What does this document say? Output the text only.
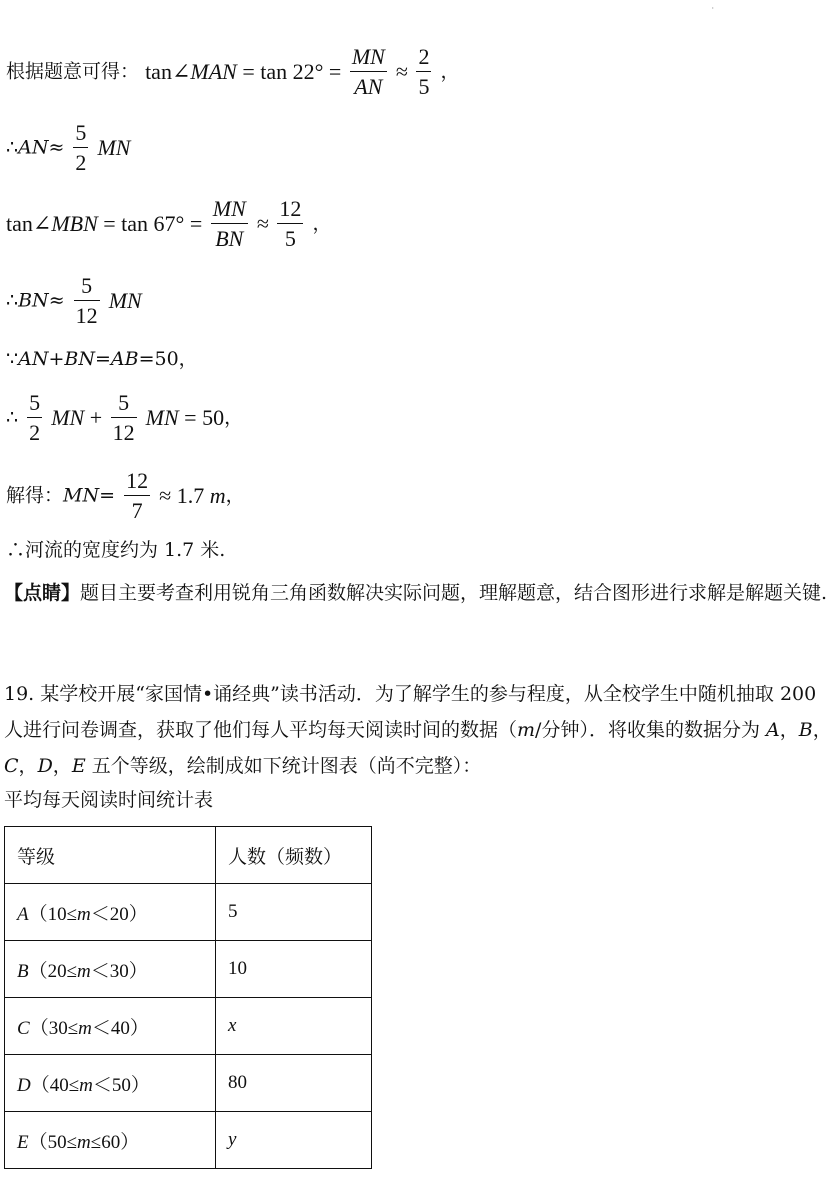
·
根据题意可得： tan∠MAN = $\tan 22^\circ = \frac{MN}{AN} \approx \frac{2}{5}$ ，
∴AN≈ $\frac{5}{2}$ MN
tan∠MBN = $\tan 67^\circ = \frac{MN}{BN} \approx \frac{12}{5}$ ，
∴BN≈ $\frac{5}{12}$ MN
∵AN+BN=AB=50，
∴ $\frac{5}{2}$ MN + $\frac{5}{12}$ MN = 50，
解得：$MN= \frac{12}{7} \approx 1.7$ m，
∴河流的宽度约为 1.7 米.
【点睛】题目主要考查利用锐角三角函数解决实际问题，理解题意，结合图形进行求解是解题关键.
19. 某学校开展“家国情•诵经典”读书活动．为了解学生的参与程度，从全校学生中随机抽取 200 人进行问卷调查，获取了他们每人平均每天阅读时间的数据（m/分钟）．将收集的数据分为 A，B，C，D，E 五个等级，绘制成如下统计图表（尚不完整）：
平均每天阅读时间统计表
等级	人数（频数）
A（10≤m＜20）	5
B（20≤m＜30）	10
C（30≤m＜40）	x
D（40≤m＜50）	80
E（50≤m≤60）	y
